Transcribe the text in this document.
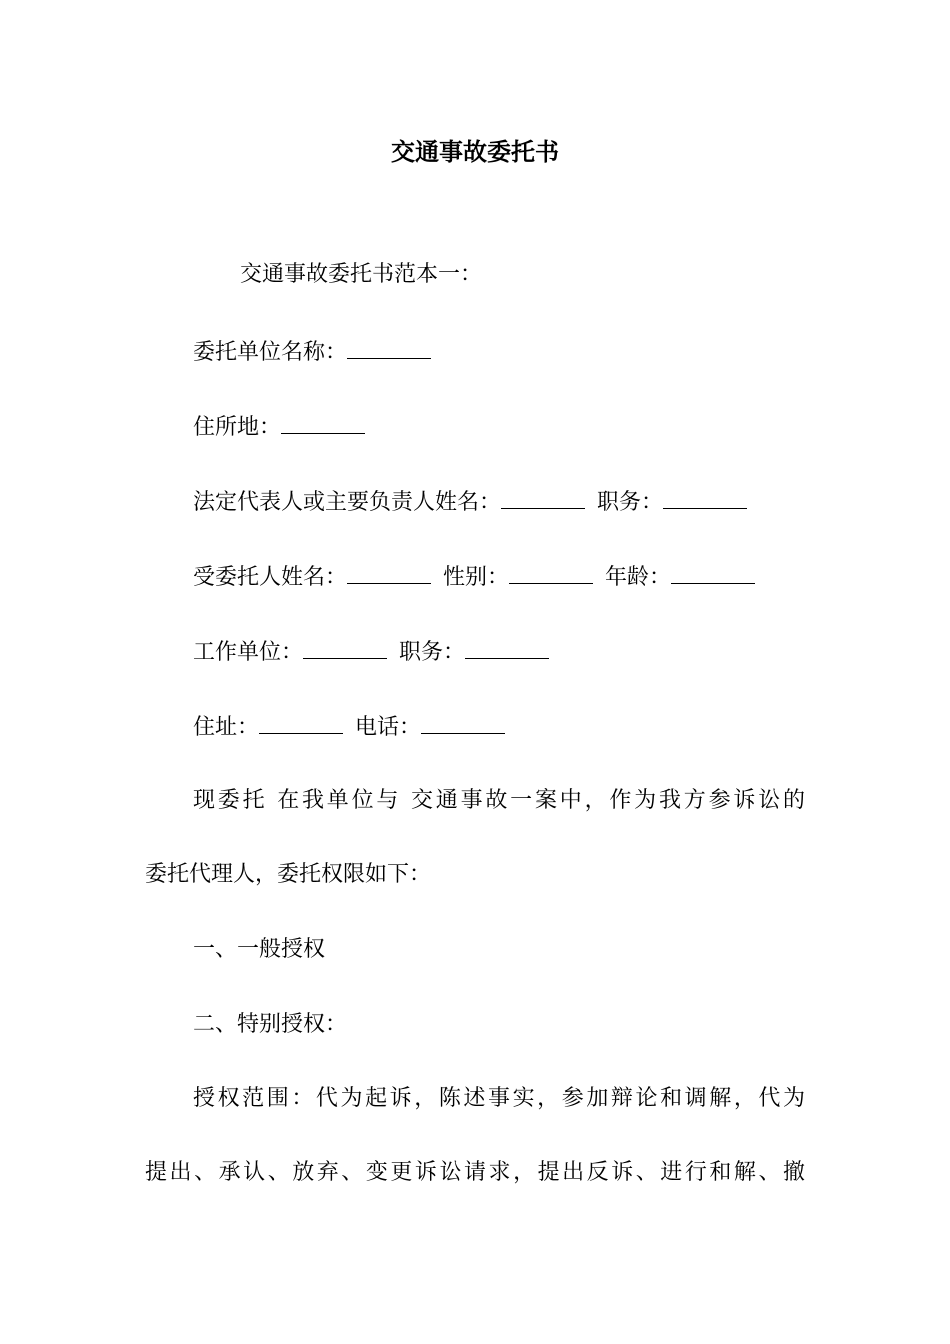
交通事故委托书
交通事故委托书范本一：
委托单位名称：
住所地：
法定代表人或主要负责人姓名：	职务：
受委托人姓名：	性别：	年龄：
工作单位：	职务：
住址：	电话：
现委托 在我单位与 交通事故一案中，作为我方参诉讼的
委托代理人，委托权限如下：
一、一般授权
二、特别授权：
授权范围：代为起诉，陈述事实，参加辩论和调解，代为
提出、承认、放弃、变更诉讼请求，提出反诉、进行和解、撤
